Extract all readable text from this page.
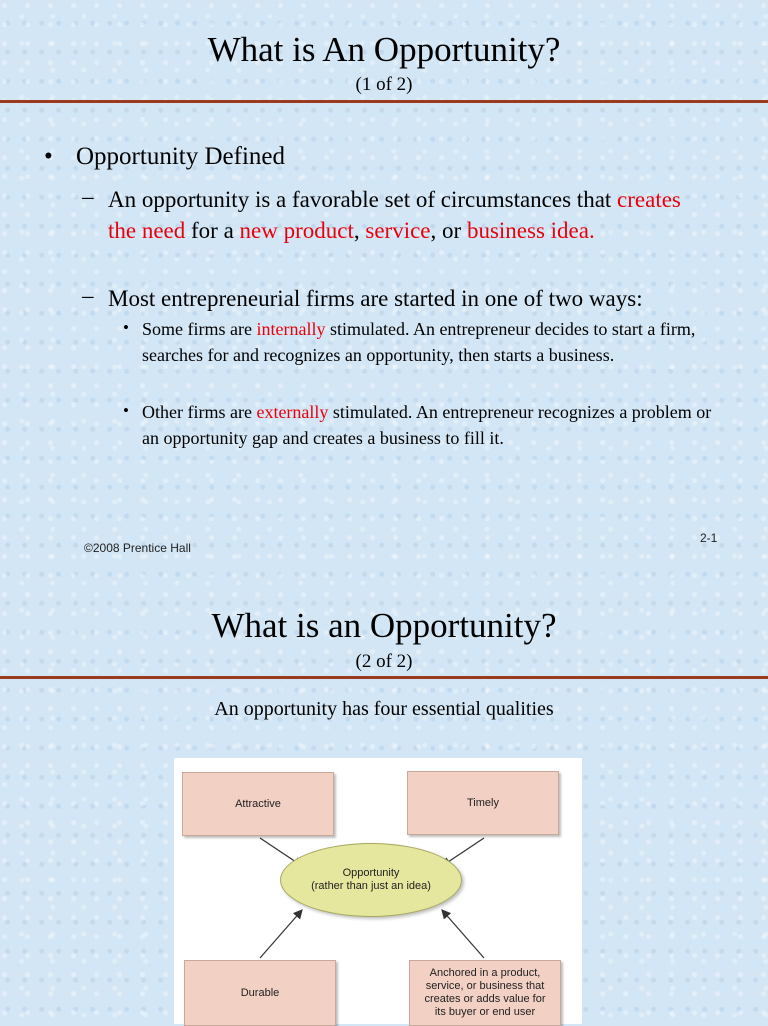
What is An Opportunity?
(1 of 2)
• Opportunity Defined
– An opportunity is a favorable set of circumstances that creates the need for a new product, service, or business idea.
– Most entrepreneurial firms are started in one of two ways:
• Some firms are internally stimulated. An entrepreneur decides to start a firm, searches for and recognizes an opportunity, then starts a business.
• Other firms are externally stimulated. An entrepreneur recognizes a problem or an opportunity gap and creates a business to fill it.
©2008 Prentice Hall
2-1
What is an Opportunity?
(2 of 2)
An opportunity has four essential qualities
Attractive	Timely
Opportunity
(rather than just an idea)
Durable
Anchored in a product,
service, or business that
creates or adds value for
its buyer or end user
